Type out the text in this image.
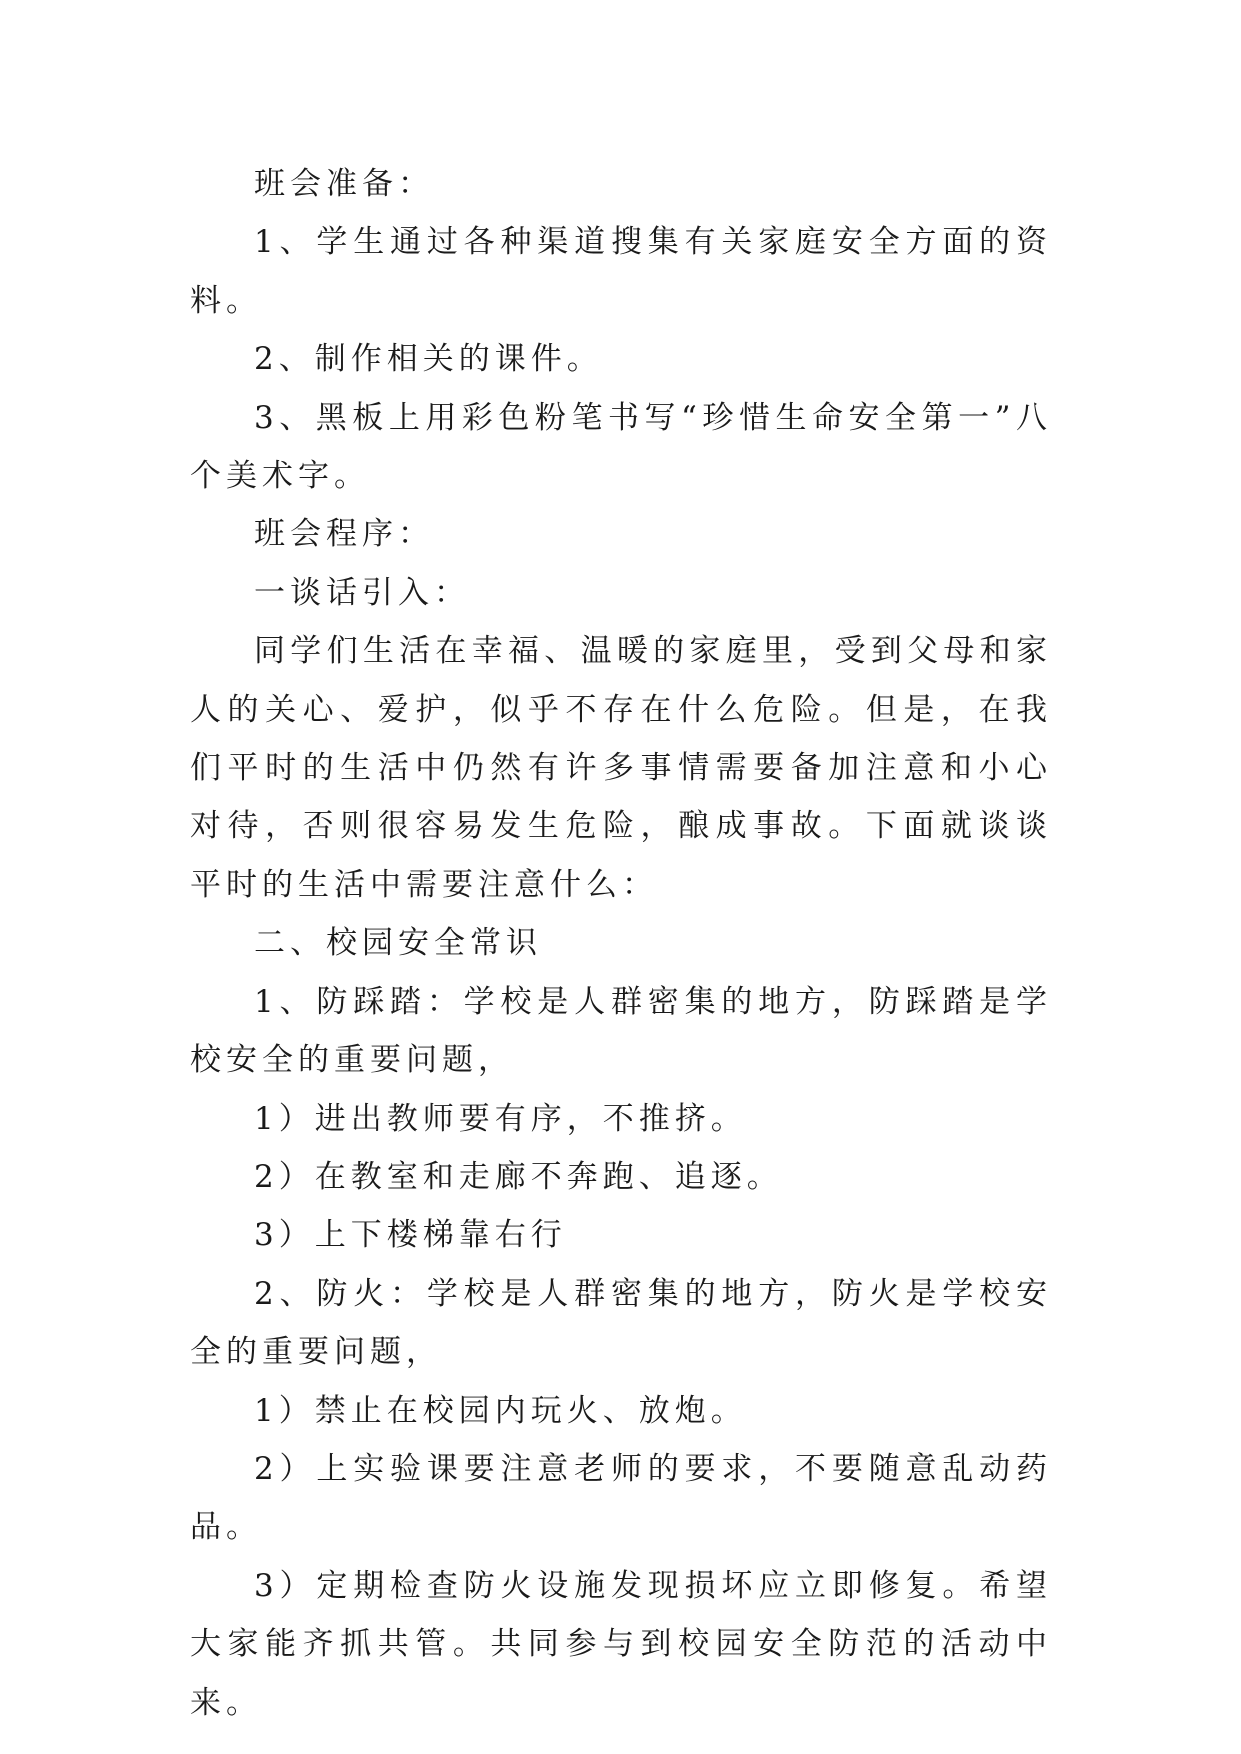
班会准备：

1、学生通过各种渠道搜集有关家庭安全方面的资料。

2、制作相关的课件。

3、黑板上用彩色粉笔书写“珍惜生命安全第一”八个美术字。

班会程序：

一谈话引入：

同学们生活在幸福、温暖的家庭里，受到父母和家人的关心、爱护，似乎不存在什么危险。但是，在我们平时的生活中仍然有许多事情需要备加注意和小心对待，否则很容易发生危险，酿成事故。下面就谈谈平时的生活中需要注意什么：

二、校园安全常识

1、防踩踏：学校是人群密集的地方，防踩踏是学校安全的重要问题，

1）进出教师要有序，不推挤。

2）在教室和走廊不奔跑、追逐。

3）上下楼梯靠右行

2、防火：学校是人群密集的地方，防火是学校安全的重要问题，

1）禁止在校园内玩火、放炮。

2）上实验课要注意老师的要求，不要随意乱动药品。

3）定期检查防火设施发现损坏应立即修复。希望大家能齐抓共管。共同参与到校园安全防范的活动中来。
